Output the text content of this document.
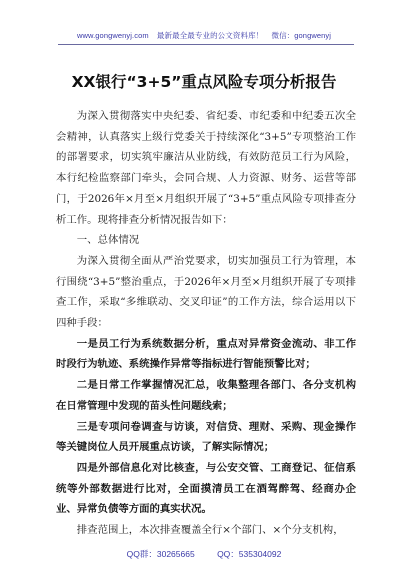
www.gongwenyj.com 最新最全最专业的公文资料库！ 微信：gongwenyj
XX银行“3+5”重点风险专项分析报告

为深入贯彻落实中央纪委、省纪委、市纪委和中纪委五次全会精神，认真落实上级行党委关于持续深化“3+5”专项整治工作的部署要求，切实筑牢廉洁从业防线，有效防范员工行为风险，本行纪检监察部门牵头，会同合规、人力资源、财务、运营等部门，于2026年×月至×月组织开展了“3+5”重点风险专项排查分析工作。现将排查分析情况报告如下：

一、总体情况

为深入贯彻全面从严治党要求，切实加强员工行为管理，本行围绕“3+5”整治重点，于2026年×月至×月组织开展了专项排查工作，采取“多维联动、交叉印证”的工作方法，综合运用以下四种手段：

一是员工行为系统数据分析，重点对异常资金流动、非工作时段行为轨迹、系统操作异常等指标进行智能预警比对；

二是日常工作掌握情况汇总，收集整理各部门、各分支机构在日常管理中发现的苗头性问题线索；

三是专项问卷调查与访谈，对信贷、理财、采购、现金操作等关键岗位人员开展重点访谈，了解实际情况；

四是外部信息化对比核查，与公安交管、工商登记、征信系统等外部数据进行比对，全面摸清员工在酒驾醉驾、经商办企业、异常负债等方面的真实状况。

排查范围上，本次排查覆盖全行×个部门、×个分支机构，

QQ群：30265665	QQ：535304092
